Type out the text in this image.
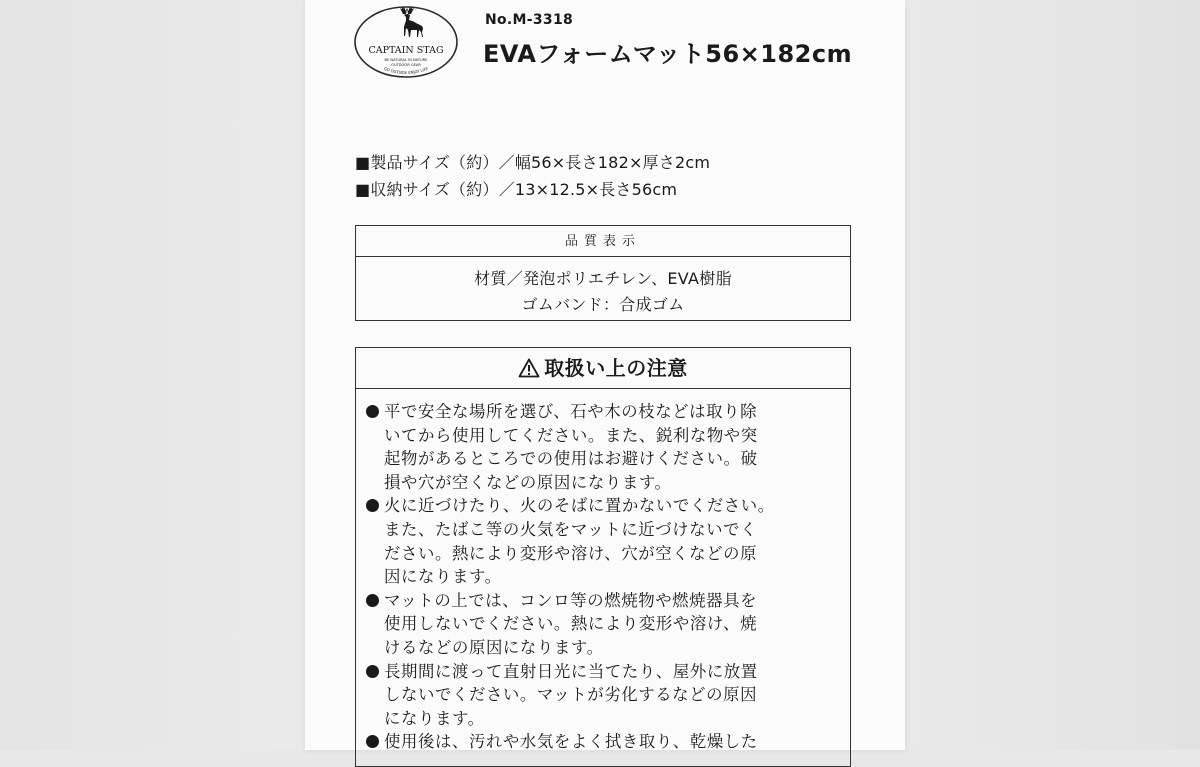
CAPTAIN STAG
BE NATURAL IN NATURE
OUTDOOR GEAR
GO OUTSIDE ENJOY LIFE
No.M-3318
EVAフォームマット56×182cm
■製品サイズ（約）／幅56×長さ182×厚さ2cm
■収納サイズ（約）／13×12.5×長さ56cm
品質表示
材質／発泡ポリエチレン、EVA樹脂
ゴムバンド：合成ゴム
取扱い上の注意
平で安全な場所を選び、石や木の枝などは取り除
いてから使用してください。また、鋭利な物や突
起物があるところでの使用はお避けください。破
損や穴が空くなどの原因になります。
火に近づけたり、火のそばに置かないでください。
また、たばこ等の火気をマットに近づけないでく
ださい。熱により変形や溶け、穴が空くなどの原
因になります。
マットの上では、コンロ等の燃焼物や燃焼器具を
使用しないでください。熱により変形や溶け、焼
けるなどの原因になります。
長期間に渡って直射日光に当てたり、屋外に放置
しないでください。マットが劣化するなどの原因
になります。
使用後は、汚れや水気をよく拭き取り、乾燥した
